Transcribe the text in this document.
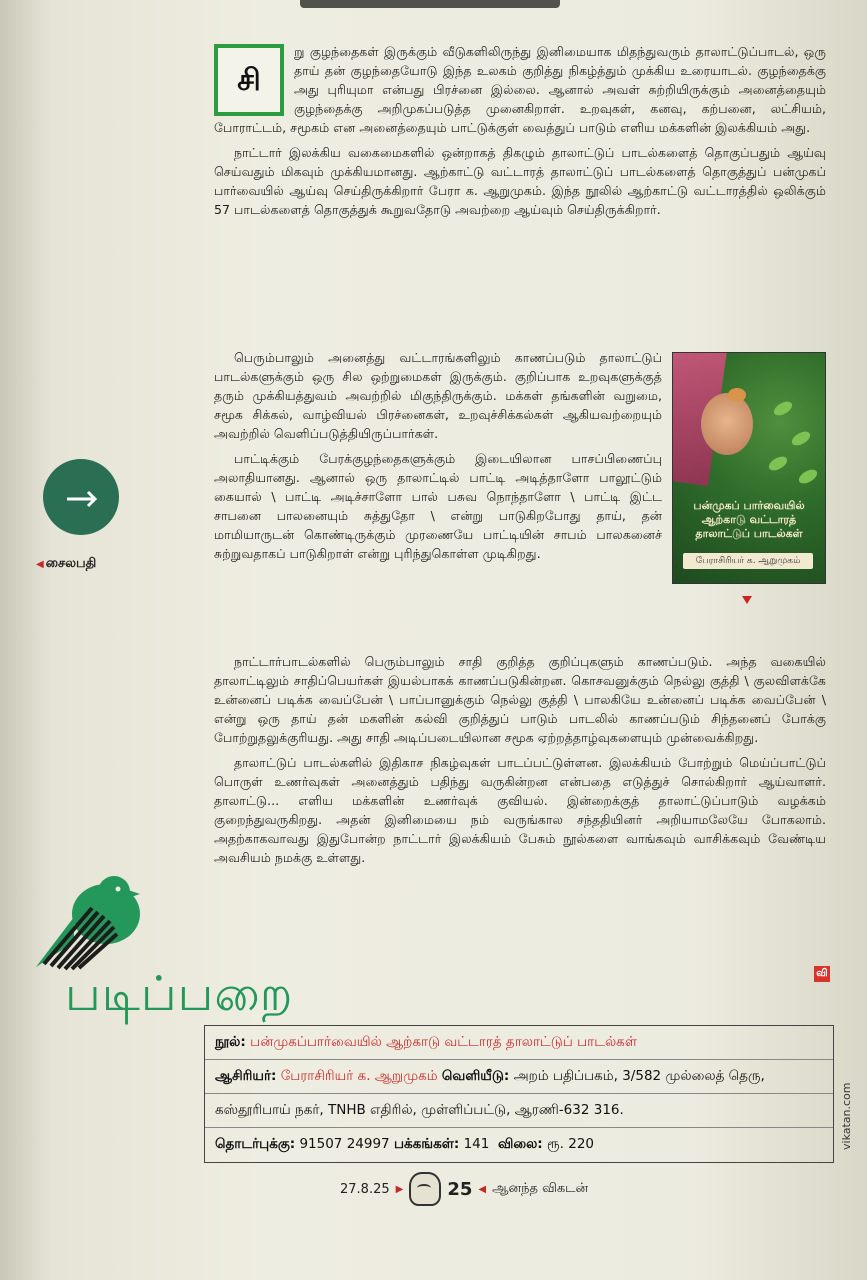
சி
று குழந்தைகள் இருக்கும் வீடுகளிலிருந்து இனிமையாக மிதந்துவரும் தாலாட்டுப்பாடல், ஒரு தாய் தன் குழந்தையோடு இந்த உலகம் குறித்து நிகழ்த்தும் முக்கிய உரையாடல். குழந்தைக்கு அது புரியுமா என்பது பிரச்னை இல்லை. ஆனால் அவள் சுற்றியிருக்கும் அனைத்தையும் குழந்தைக்கு அறிமுகப்படுத்த முனைகிறாள். உறவுகள், கனவு, கற்பனை, லட்சியம், போராட்டம், சமூகம் என அனைத்தையும் பாட்டுக்குள் வைத்துப் பாடும் எளிய மக்களின் இலக்கியம் அது.

நாட்டார் இலக்கிய வகைமைகளில் ஒன்றாகத் திகழும் தாலாட்டுப் பாடல்களைத் தொகுப்பதும் ஆய்வு செய்வதும் மிகவும் முக்கியமானது. ஆற்காட்டு வட்டாரத் தாலாட்டுப் பாடல்களைத் தொகுத்துப் பன்முகப் பார்வையில் ஆய்வு செய்திருக்கிறார் பேரா க. ஆறுமுகம். இந்த நூலில் ஆற்காட்டு வட்டாரத்தில் ஒலிக்கும் 57 பாடல்களைத் தொகுத்துக் கூறுவதோடு அவற்றை ஆய்வும் செய்திருக்கிறார்.

பெரும்பாலும் அனைத்து வட்டாரங்களிலும் காணப்படும் தாலாட்டுப் பாடல்களுக்கும் ஒரு சில ஒற்றுமைகள் இருக்கும். குறிப்பாக உறவுகளுக்குத் தரும் முக்கியத்துவம் அவற்றில் மிகுந்திருக்கும். மக்கள் தங்களின் வறுமை, சமூக சிக்கல், வாழ்வியல் பிரச்னைகள், உறவுச்சிக்கல்கள் ஆகியவற்றையும் அவற்றில் வெளிப்படுத்தியிருப்பார்கள்.

பாட்டிக்கும் பேரக்குழந்தைகளுக்கும் இடையிலான பாசப்பிணைப்பு அலாதியானது. ஆனால் ஒரு தாலாட்டில் பாட்டி அடித்தாளோ பாலூட்டும் கையால் \ பாட்டி அடிச்சாளோ பால் பசுவ நொந்தாளோ \ பாட்டி இட்ட சாபனை பாலனையும் சுத்துதோ \ என்று பாடுகிறபோது தாய், தன் மாமியாருடன் கொண்டிருக்கும் முரணையே பாட்டியின் சாபம் பாலகனைச் சுற்றுவதாகப் பாடுகிறாள் என்று புரிந்துகொள்ள முடிகிறது.

நாட்டார்பாடல்களில் பெரும்பாலும் சாதி குறித்த குறிப்புகளும் காணப்படும். அந்த வகையில் தாலாட்டிலும் சாதிப்பெயர்கள் இயல்பாகக் காணப்படுகின்றன. கொசவனுக்கும் நெல்லு குத்தி \ குலவிளக்கே உன்னைப் படிக்க வைப்பேன் \ பாப்பானுக்கும் நெல்லு குத்தி \ பாலகியே உன்னைப் படிக்க வைப்பேன் \ என்று ஒரு தாய் தன் மகளின் கல்வி குறித்துப் பாடும் பாடலில் காணப்படும் சிந்தனைப் போக்கு போற்றுதலுக்குரியது. அது சாதி அடிப்படையிலான சமூக ஏற்றத்தாழ்வுகளையும் முன்வைக்கிறது.

தாலாட்டுப் பாடல்களில் இதிகாச நிகழ்வுகள் பாடப்பட்டுள்ளன. இலக்கியம் போற்றும் மெய்ப்பாட்டுப் பொருள் உணர்வுகள் அனைத்தும் பதிந்து வருகின்றன என்பதை எடுத்துச் சொல்கிறார் ஆய்வாளர். தாலாட்டு... எளிய மக்களின் உணர்வுக் குவியல். இன்றைக்குத் தாலாட்டுப்பாடும் வழக்கம் குறைந்துவருகிறது. அதன் இனிமையை நம் வருங்கால சந்ததியினர் அறியாமலேயே போகலாம். அதற்காகவாவது இதுபோன்ற நாட்டார் இலக்கியம் பேசும் நூல்களை வாங்கவும் வாசிக்கவும் வேண்டிய அவசியம் நமக்கு உள்ளது.

பன்முகப் பார்வையில்
ஆற்காடு வட்டாரத்
தாலாட்டுப் பாடல்கள்
பேராசிரியர் க. ஆறுமுகம்
◀ சைலபதி
வி
படிப்பறை
நூல்: பன்முகப்பார்வையில் ஆற்காடு வட்டாரத் தாலாட்டுப் பாடல்கள்
ஆசிரியர்: பேராசிரியர் க. ஆறுமுகம் வெளியீடு: அறம் பதிப்பகம், 3/582 முல்லைத் தெரு,
கஸ்தூரிபாய் நகர், TNHB எதிரில், முள்ளிப்பட்டு, ஆரணி-632 316.
தொடர்புக்கு: 91507 24997 பக்கங்கள்: 141 விலை: ரூ. 220	vikatan.com
27.8.25 ▶ 25 ◀ ஆனந்த விகடன்
